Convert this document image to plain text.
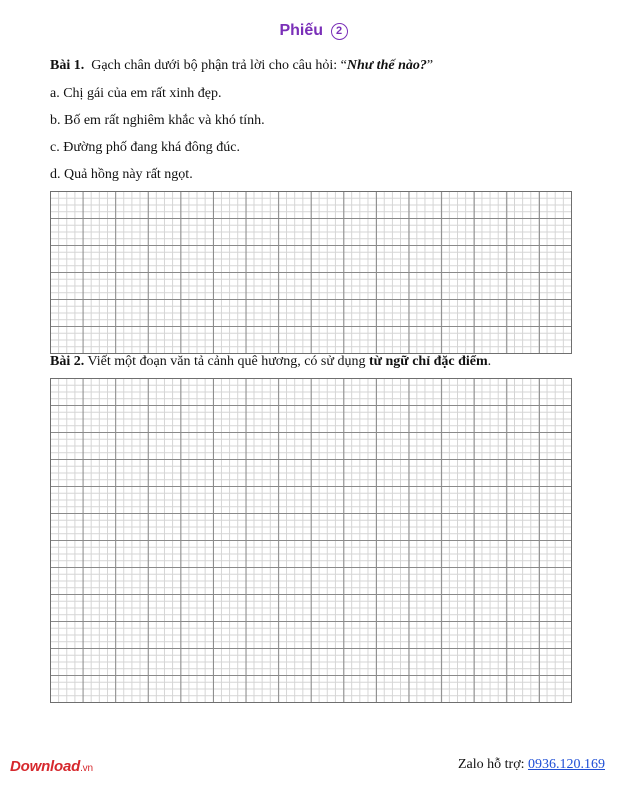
Phiếu 2
Bài 1. Gạch chân dưới bộ phận trả lời cho câu hỏi: “Như thế nào?”
a. Chị gái của em rất xinh đẹp.
b. Bố em rất nghiêm khắc và khó tính.
c. Đường phố đang khá đông đúc.
d. Quả hồng này rất ngọt.
Bài 2. Viết một đoạn văn tả cảnh quê hương, có sử dụng từ ngữ chỉ đặc điểm.
Download.vn	Zalo hỗ trợ: 0936.120.169
